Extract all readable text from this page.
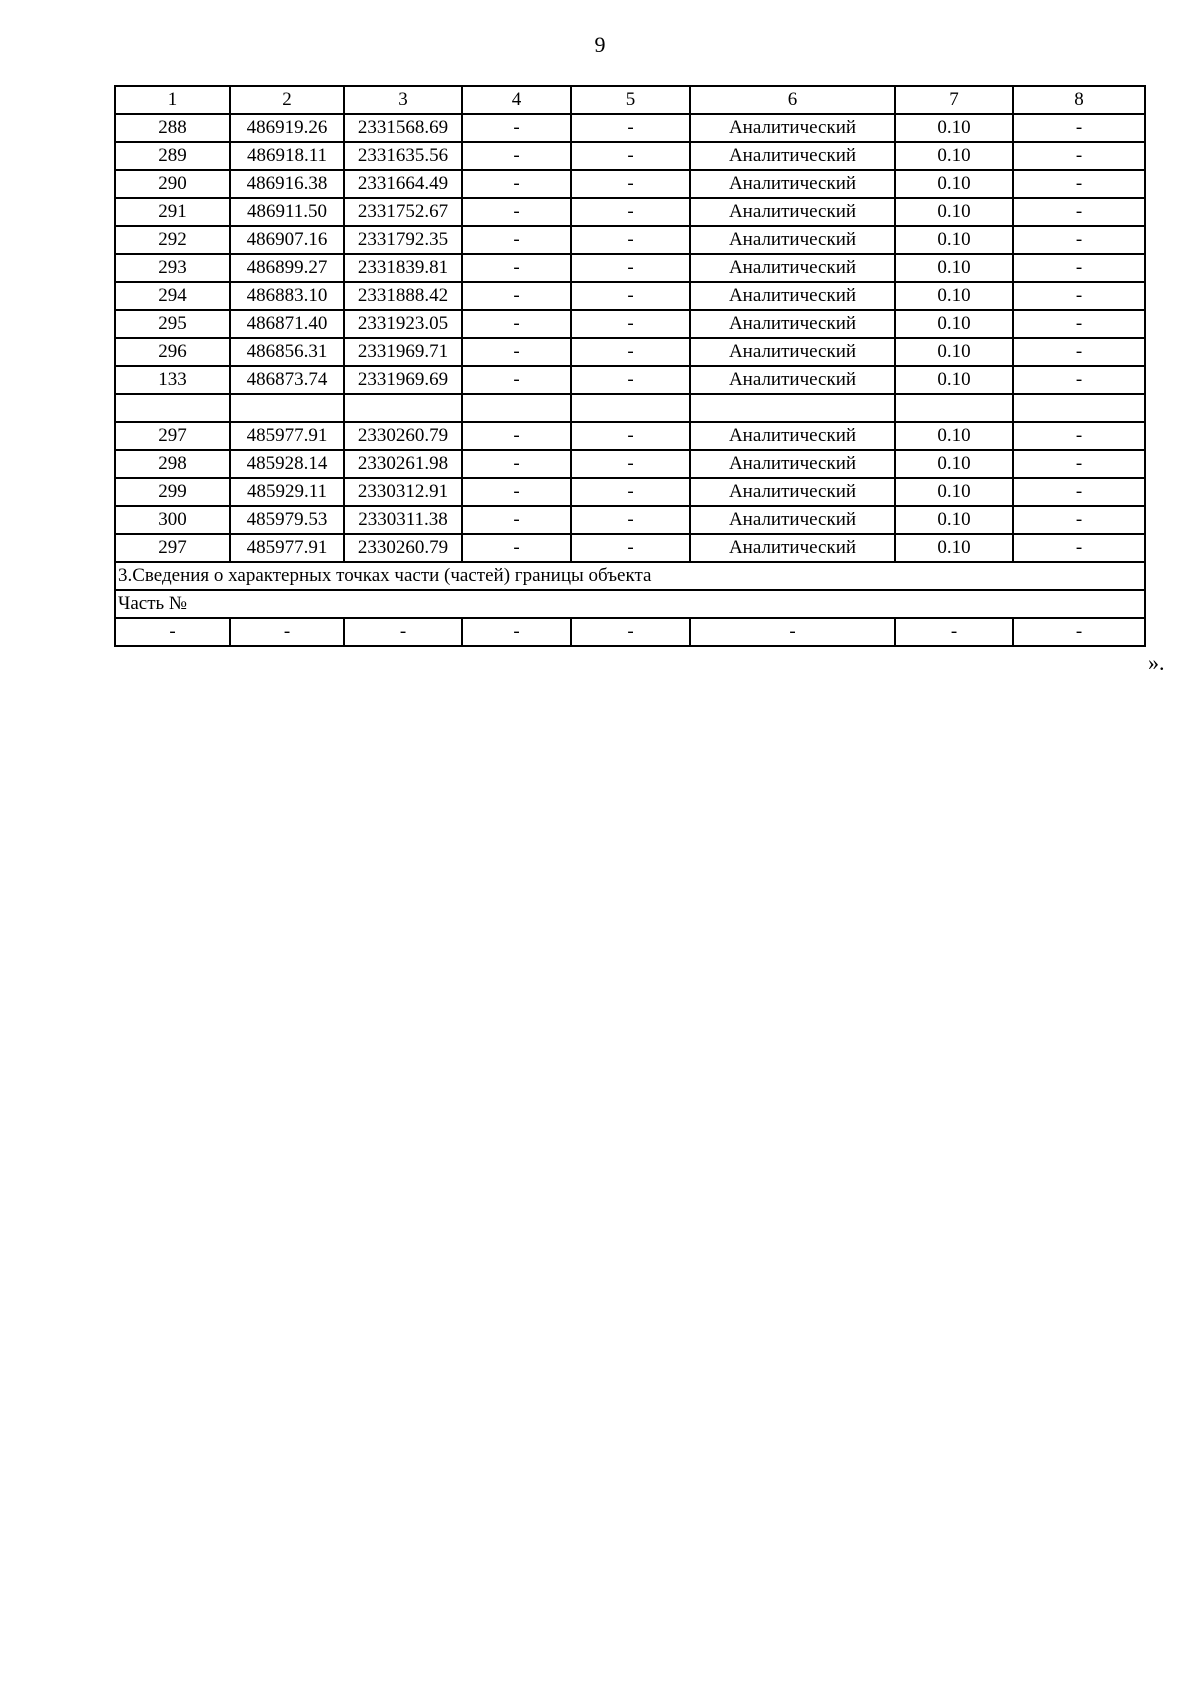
9
1	2	3	4	5	6	7	8
288	486919.26	2331568.69	-	-	Аналитический	0.10	-
289	486918.11	2331635.56	-	-	Аналитический	0.10	-
290	486916.38	2331664.49	-	-	Аналитический	0.10	-
291	486911.50	2331752.67	-	-	Аналитический	0.10	-
292	486907.16	2331792.35	-	-	Аналитический	0.10	-
293	486899.27	2331839.81	-	-	Аналитический	0.10	-
294	486883.10	2331888.42	-	-	Аналитический	0.10	-
295	486871.40	2331923.05	-	-	Аналитический	0.10	-
296	486856.31	2331969.71	-	-	Аналитический	0.10	-
133	486873.74	2331969.69	-	-	Аналитический	0.10	-

297	485977.91	2330260.79	-	-	Аналитический	0.10	-
298	485928.14	2330261.98	-	-	Аналитический	0.10	-
299	485929.11	2330312.91	-	-	Аналитический	0.10	-
300	485979.53	2330311.38	-	-	Аналитический	0.10	-
297	485977.91	2330260.79	-	-	Аналитический	0.10	-
3.Сведения о характерных точках части (частей) границы объекта							
Часть №							
-	-	-	-	-	-	-	-
».
